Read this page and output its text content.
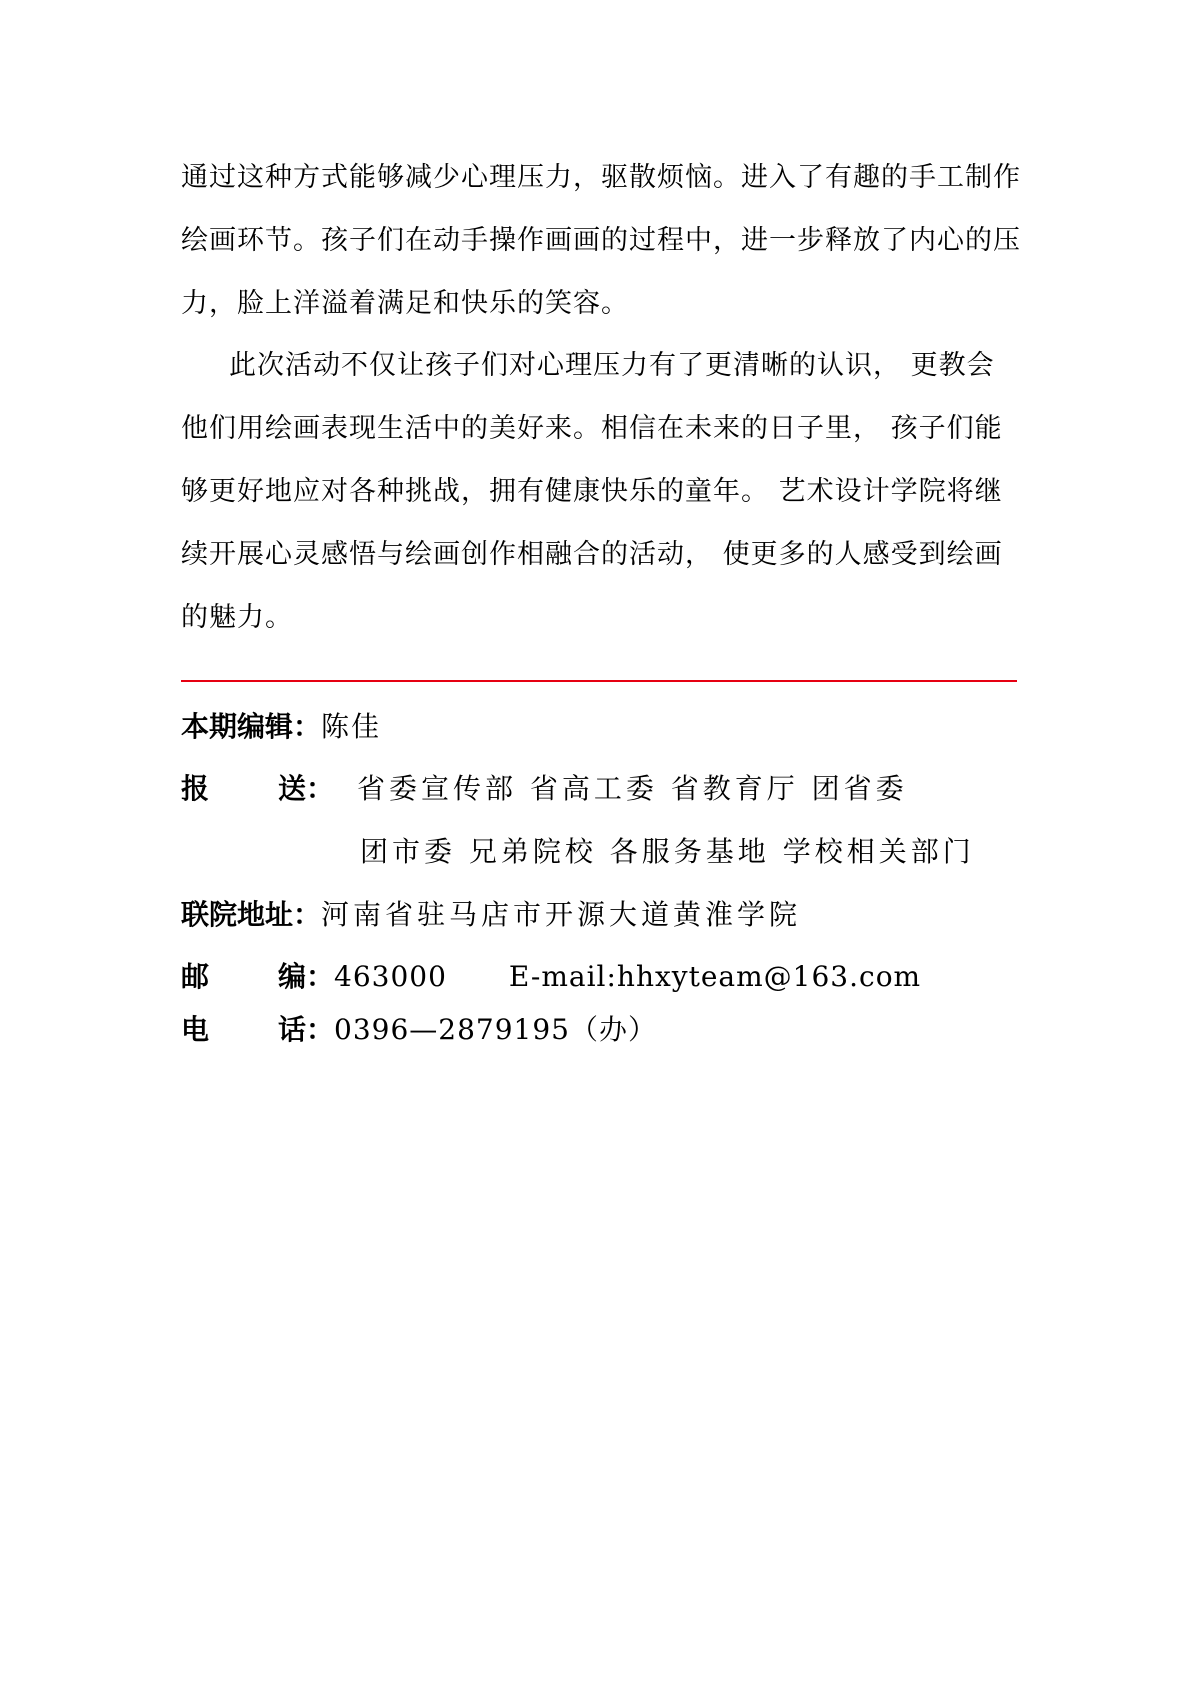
通过这种方式能够减少心理压力，驱散烦恼。进入了有趣的手工制作
绘画环节。孩子们在动手操作画画的过程中，进一步释放了内心的压
力，脸上洋溢着满足和快乐的笑容。
此次活动不仅让孩子们对心理压力有了更清晰的认识， 更教会
他们用绘画表现生活中的美好来。相信在未来的日子里， 孩子们能
够更好地应对各种挑战，拥有健康快乐的童年。 艺术设计学院将继
续开展心灵感悟与绘画创作相融合的活动， 使更多的人感受到绘画
的魅力。
本期编辑：陈佳
报 送： 省委宣传部 省高工委 省教育厅 团省委
团市委 兄弟院校 各服务基地 学校相关部门
联院地址：河南省驻马店市开源大道黄淮学院
邮 编：463000 E-mail:hhxyteam@163.com
电 话：0396—2879195（办）
